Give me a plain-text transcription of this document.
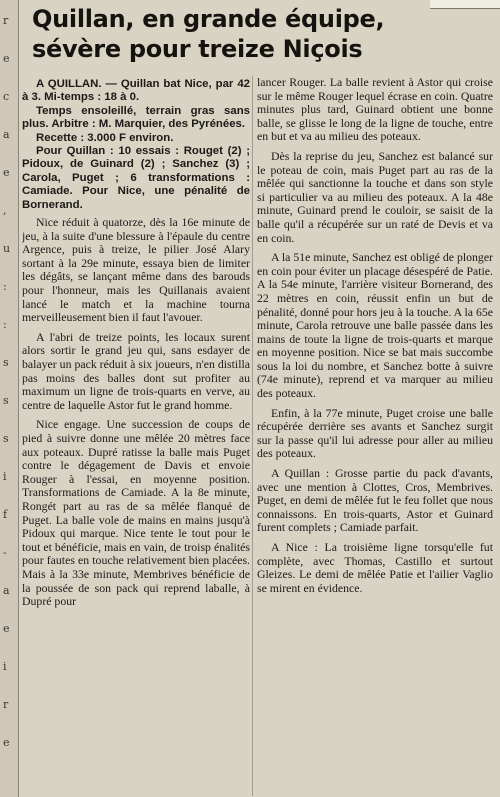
r
e
c
a
e
,
u
:
:
s
s
s
i
f
-
a
e
i
r
e
Quillan, en grande équipe,
sévère pour treize Niçois

A QUILLAN. — Quillan bat Nice, par 42 à 3. Mi-temps : 18 à 0.

Temps ensoleillé, terrain gras sans plus. Arbitre : M. Marquier, des Pyrénées.

Recette : 3.000 F environ.

Pour Quillan : 10 essais : Rouget (2) ; Pidoux, de Guinard (2) ; Sanchez (3) ; Carola, Puget ; 6 transformations : Camiade. Pour Nice, une pénalité de Bornerand.

Nice réduit à quatorze, dès la 16e minute de jeu, à la suite d'une blessure à l'épaule du centre Argence, puis à treize, le pilier José Alary sortant à la 29e minute, essaya bien de limiter les dégâts, se lançant même dans des barouds pour l'honneur, mais les Quillanais avaient lancé le match et la machine tourna merveilleusement bien il faut l'avouer.

A l'abri de treize points, les locaux surent alors sortir le grand jeu qui, sans esdayer de balayer un pack réduit à six joueurs, n'en distilla pas moins des balles dont sut profiter au maximum un ligne de trois-quarts en verve, au centre de laquelle Astor fut le grand homme.

Nice engage. Une succession de coups de pied à suivre donne une mêlée 20 mètres face aux poteaux. Dupré ratisse la balle mais Puget contre le dégagement de Davis et envoie Rouger à l'essai, en moyenne position. Transformations de Camiade. A la 8e minute, Rongét part au ras de sa mêlée flanqué de Puget. La balle vole de mains en mains jusqu'à Pidoux qui marque. Nice tente le tout pour le tout et bénéficie, mais en vain, de troisp énalités pour fautes en touche relativement bien placées. Mais à la 33e minute, Membrives bénéficie de la poussée de son pack qui reprend laballe, à Dupré pour

lancer Rouger. La balle revient à Astor qui croise sur le même Rouger lequel écrase en coin. Quatre minutes plus tard, Guinard obtient une bonne balle, se glisse le long de la ligne de touche, entre en but et va au milieu des poteaux.

Dès la reprise du jeu, Sanchez est balancé sur le poteau de coin, mais Puget part au ras de la mêlée qui sanctionne la touche et dans son style si particulier va au milieu des poteaux. A la 48e minute, Guinard prend le couloir, se saisit de la balle qu'il a récupérée sur un raté de Devis et va en coin.

A la 51e minute, Sanchez est obligé de plonger en coin pour éviter un placage désespéré de Patie. A la 54e minute, l'arrière visiteur Bornerand, des 22 mètres en coin, réussit enfin un but de pénalité, donné pour hors jeu à la touche. A la 65e minute, Carola retrouve une balle passée dans les mains de toute la ligne de trois-quarts et marque en moyenne position. Nice se bat mais succombe sous la loi du nombre, et Sanchez botte à suivre (74e minute), reprend et va marquer au milieu des poteaux.

Enfin, à la 77e minute, Puget croise une balle récupérée derrière ses avants et Sanchez surgit sur la passe qu'il lui adresse pour aller au milieu des poteaux.

A Quillan : Grosse partie du pack d'avants, avec une mention à Clottes, Cros, Membrives. Puget, en demi de mêlée fut le feu follet que nous connaissons. En trois-quarts, Astor et Guinard furent complets ; Camiade parfait.

A Nice : La troisième ligne torsqu'elle fut complète, avec Thomas, Castillo et surtout Gleizes. Le demi de mêlée Patie et l'ailier Vaglio se mirent en évidence.
